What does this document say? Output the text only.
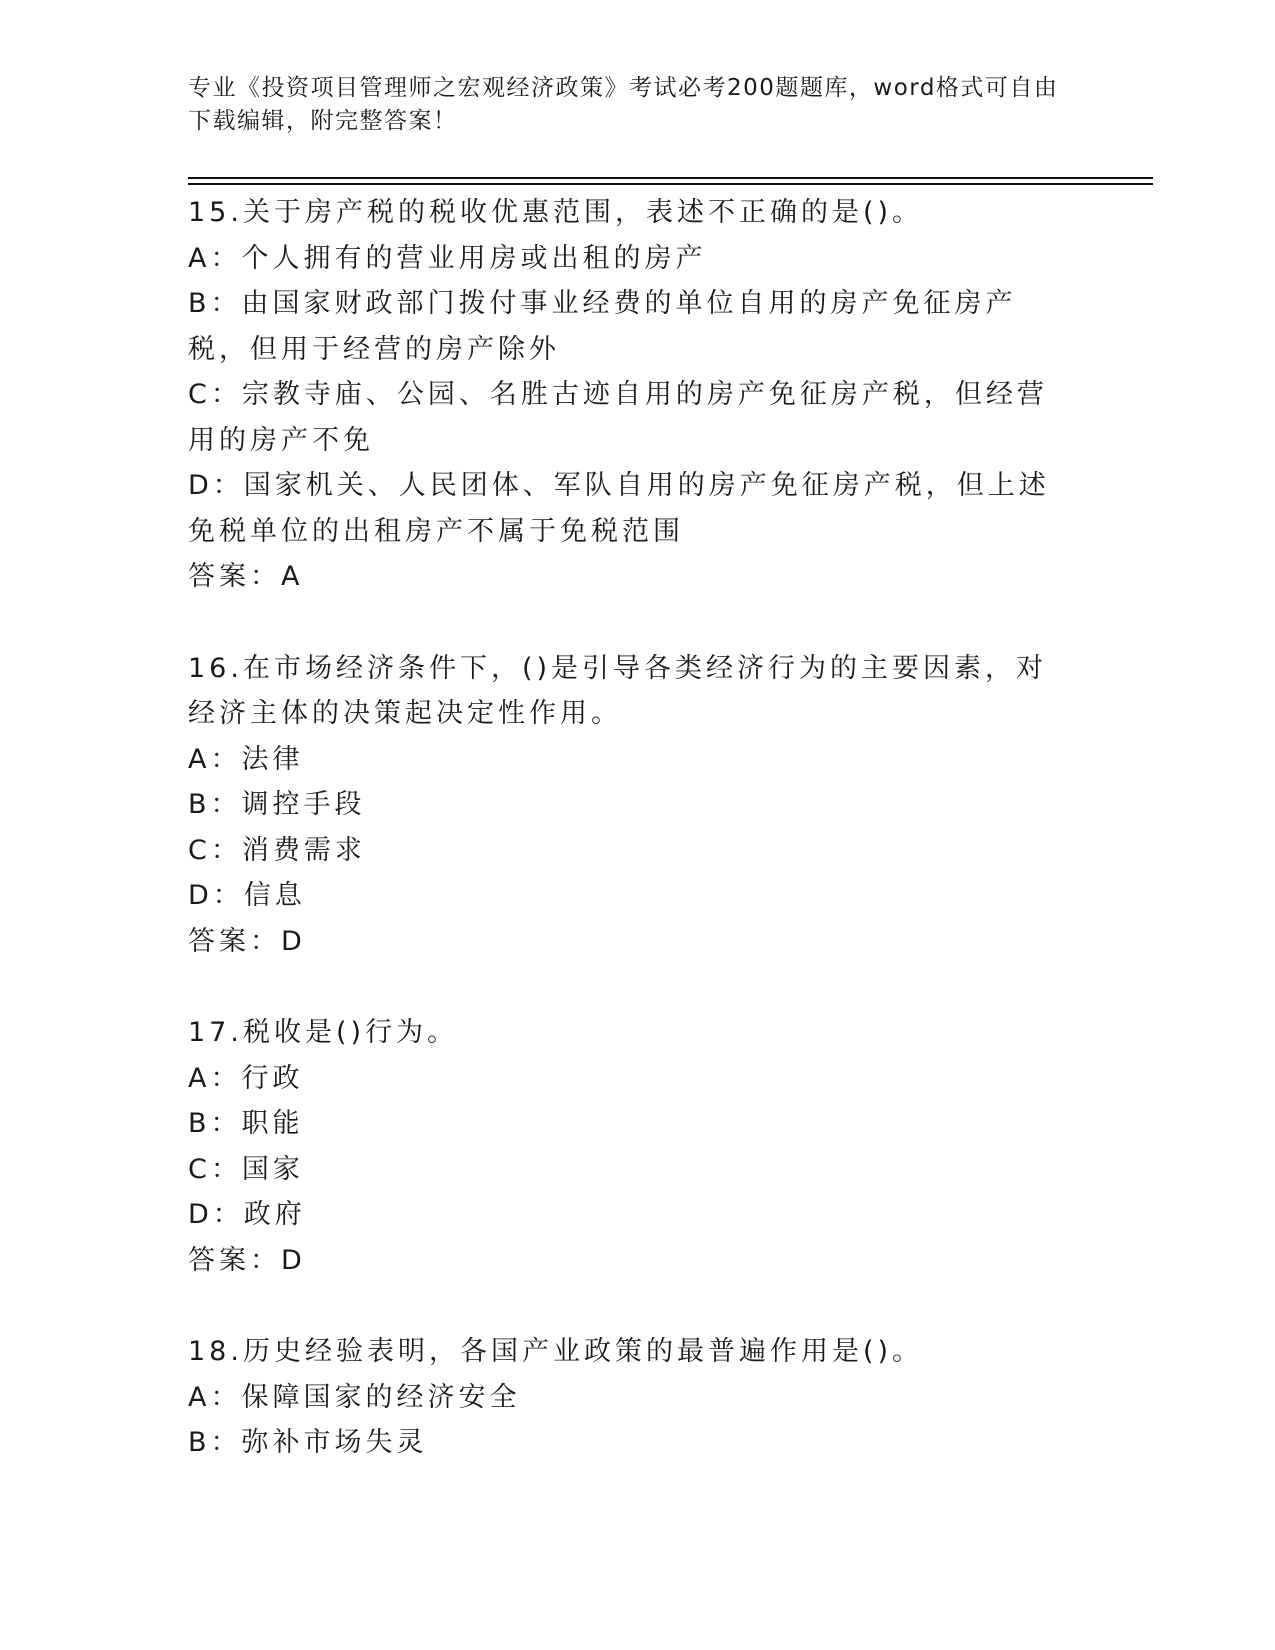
专业《投资项目管理师之宏观经济政策》考试必考200题题库，word格式可自由下载编辑，附完整答案！
15.关于房产税的税收优惠范围，表述不正确的是()。
A：个人拥有的营业用房或出租的房产
B：由国家财政部门拨付事业经费的单位自用的房产免征房产税，但用于经营的房产除外
C：宗教寺庙、公园、名胜古迹自用的房产免征房产税，但经营用的房产不免
D：国家机关、人民团体、军队自用的房产免征房产税，但上述免税单位的出租房产不属于免税范围
答案：A
16.在市场经济条件下，()是引导各类经济行为的主要因素，对经济主体的决策起决定性作用。
A：法律
B：调控手段
C：消费需求
D：信息
答案：D
17.税收是()行为。
A：行政
B：职能
C：国家
D：政府
答案：D
18.历史经验表明，各国产业政策的最普遍作用是()。
A：保障国家的经济安全
B：弥补市场失灵
